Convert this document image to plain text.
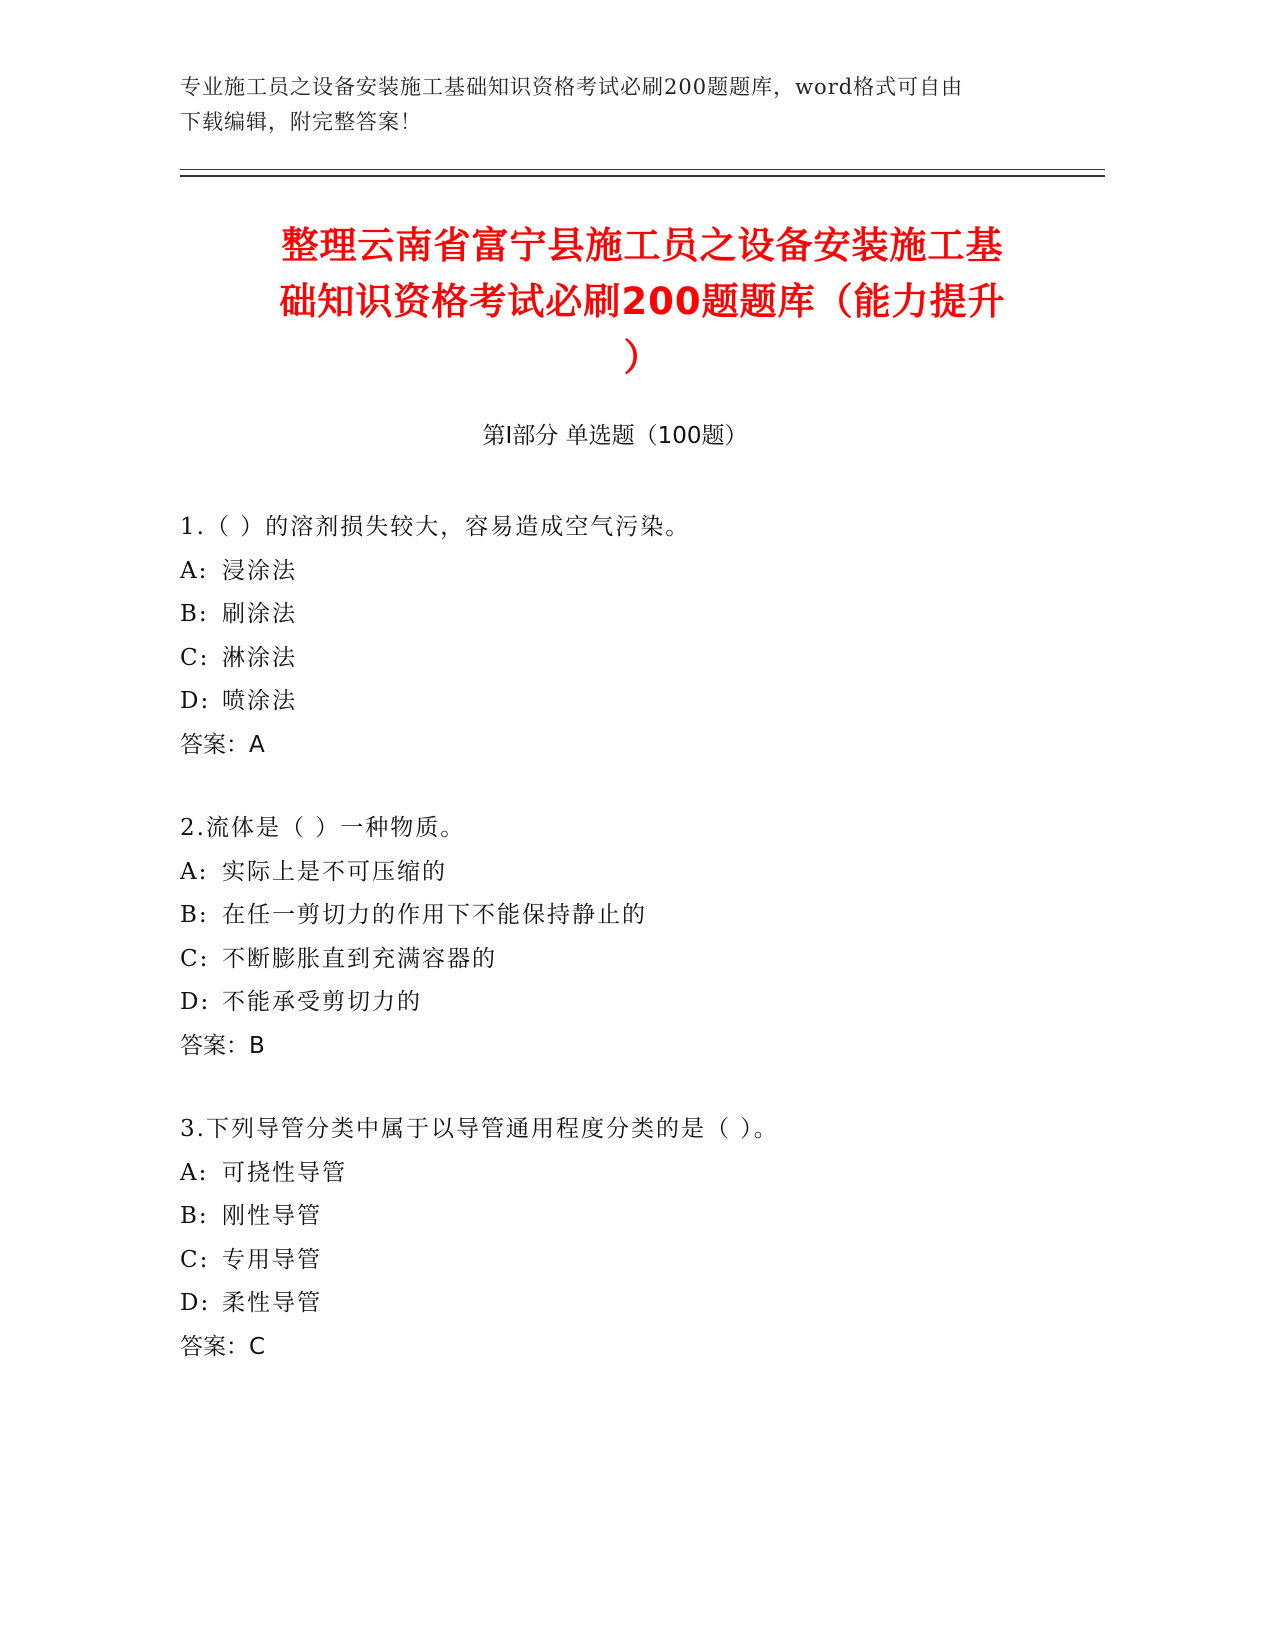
专业施工员之设备安装施工基础知识资格考试必刷200题题库，word格式可自由
下载编辑，附完整答案！
整理云南省富宁县施工员之设备安装施工基
础知识资格考试必刷200题题库（能力提升
）
第Ⅰ部分 单选题（100题）
1.（ ）的溶剂损失较大，容易造成空气污染。
A: 浸涂法
B: 刷涂法
C: 淋涂法
D: 喷涂法
答案：A
2.流体是（ ）一种物质。
A: 实际上是不可压缩的
B: 在任一剪切力的作用下不能保持静止的
C: 不断膨胀直到充满容器的
D: 不能承受剪切力的
答案：B
3.下列导管分类中属于以导管通用程度分类的是（ ）。
A: 可挠性导管
B: 刚性导管
C: 专用导管
D: 柔性导管
答案：C
